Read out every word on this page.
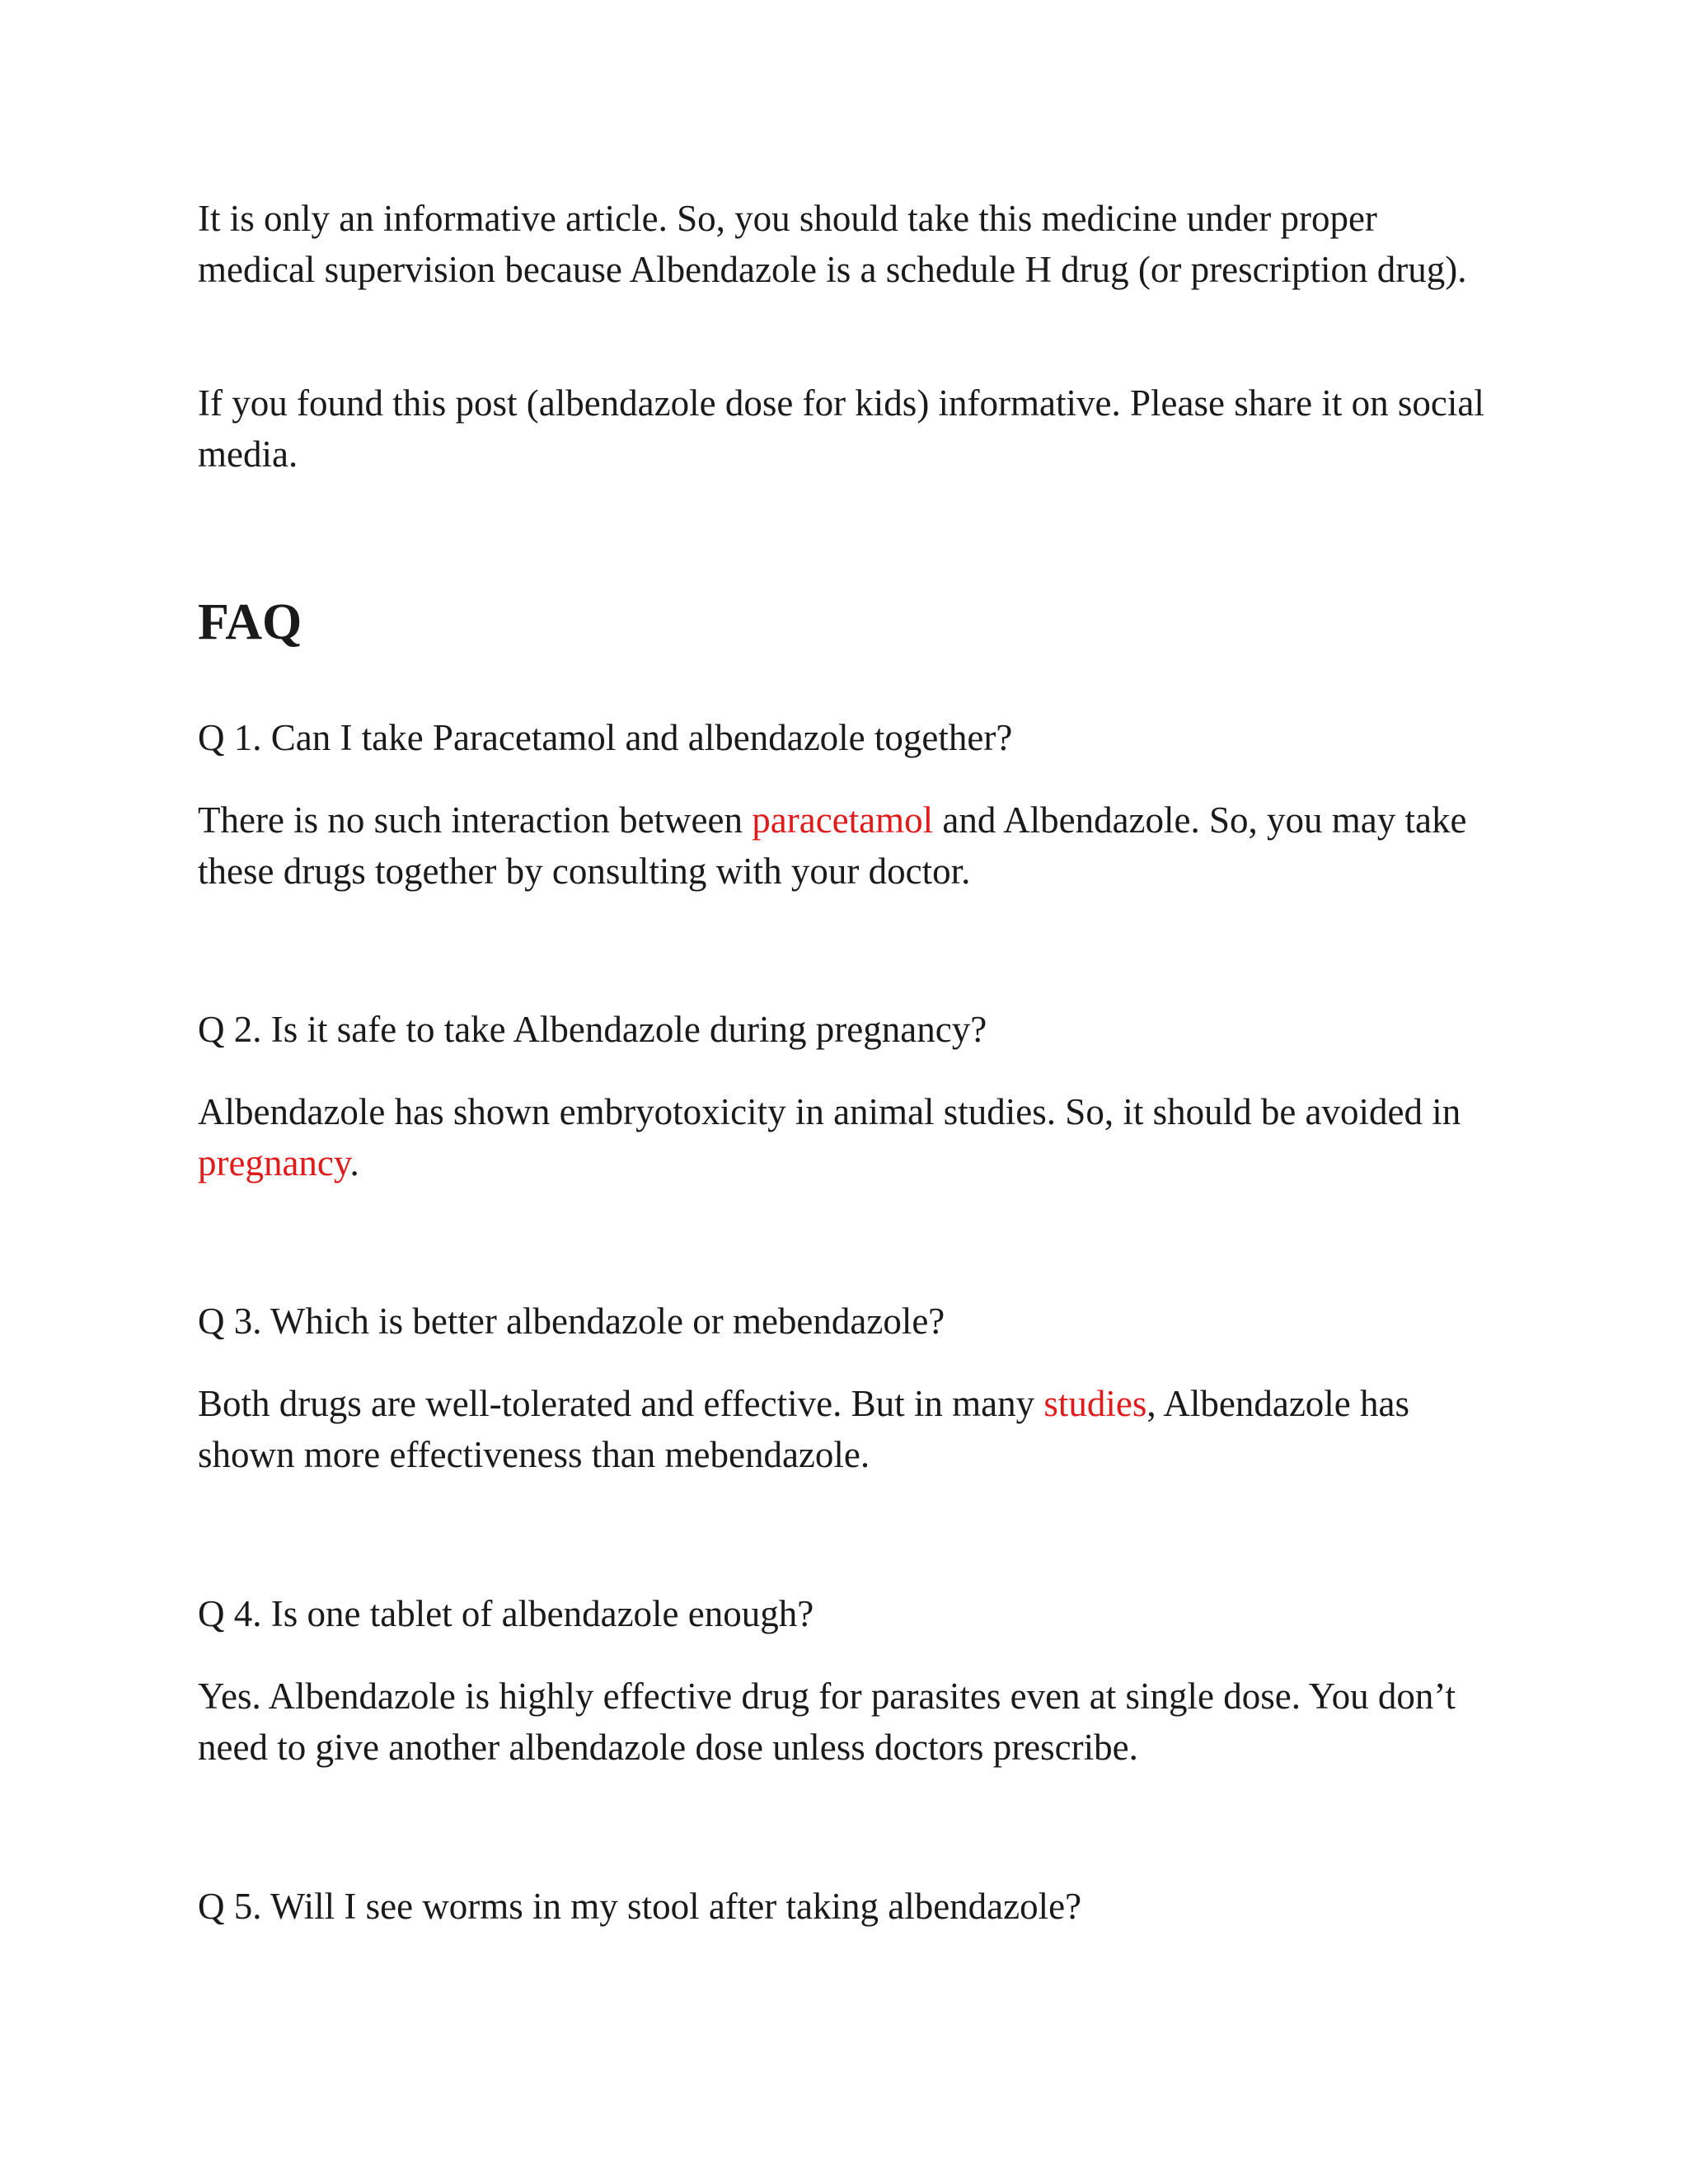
It is only an informative article. So, you should take this medicine under proper medical supervision because Albendazole is a schedule H drug (or prescription drug).

If you found this post (albendazole dose for kids) informative. Please share it on social media.

FAQ

Q 1. Can I take Paracetamol and albendazole together?

There is no such interaction between paracetamol and Albendazole. So, you may take these drugs together by consulting with your doctor.

Q 2. Is it safe to take Albendazole during pregnancy?

Albendazole has shown embryotoxicity in animal studies. So, it should be avoided in pregnancy.

Q 3. Which is better albendazole or mebendazole?

Both drugs are well-tolerated and effective. But in many studies, Albendazole has shown more effectiveness than mebendazole.

Q 4. Is one tablet of albendazole enough?

Yes. Albendazole is highly effective drug for parasites even at single dose. You don’t need to give another albendazole dose unless doctors prescribe.

Q 5. Will I see worms in my stool after taking albendazole?
